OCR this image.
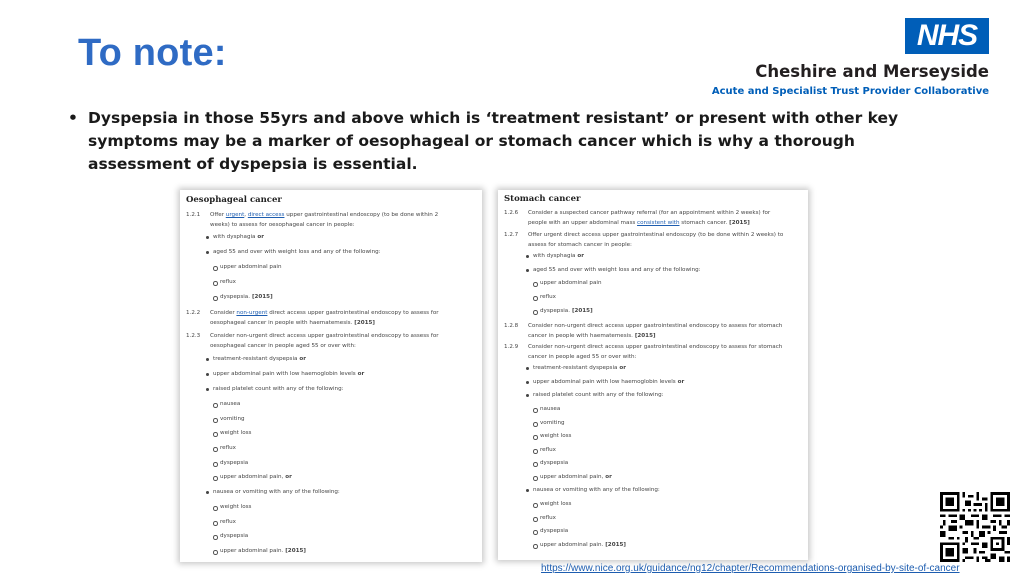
To note:	NHS
Cheshire and Merseyside
Acute and Specialist Trust Provider Collaborative
• Dyspepsia in those 55yrs and above which is ‘treatment resistant’ or present with other key symptoms may be a marker of oesophageal or stomach cancer which is why a thorough assessment of dyspepsia is essential.
Oesophageal cancer
1.2.1	Offer urgent, direct access upper gastrointestinal endoscopy (to be done within 2 weeks) to assess for oesophageal cancer in people:
with dysphagia or
aged 55 and over with weight loss and any of the following:
upper abdominal pain
reflux
dyspepsia. [2015]
1.2.2	Consider non-urgent direct access upper gastrointestinal endoscopy to assess for oesophageal cancer in people with haematemesis. [2015]
1.2.3	Consider non-urgent direct access upper gastrointestinal endoscopy to assess for oesophageal cancer in people aged 55 or over with:
treatment-resistant dyspepsia or
upper abdominal pain with low haemoglobin levels or
raised platelet count with any of the following:
nausea
vomiting
weight loss
reflux
dyspepsia
upper abdominal pain, or
nausea or vomiting with any of the following:
weight loss
reflux
dyspepsia
upper abdominal pain. [2015]
Stomach cancer
1.2.6	Consider a suspected cancer pathway referral (for an appointment within 2 weeks) for people with an upper abdominal mass consistent with stomach cancer. [2015]
1.2.7	Offer urgent direct access upper gastrointestinal endoscopy (to be done within 2 weeks) to assess for stomach cancer in people:
with dysphagia or
aged 55 and over with weight loss and any of the following:
upper abdominal pain
reflux
dyspepsia. [2015]
1.2.8	Consider non-urgent direct access upper gastrointestinal endoscopy to assess for stomach cancer in people with haematemesis. [2015]
1.2.9	Consider non-urgent direct access upper gastrointestinal endoscopy to assess for stomach cancer in people aged 55 or over with:
treatment-resistant dyspepsia or
upper abdominal pain with low haemoglobin levels or
raised platelet count with any of the following:
nausea
vomiting
weight loss
reflux
dyspepsia
upper abdominal pain, or
nausea or vomiting with any of the following:
weight loss
reflux
dyspepsia
upper abdominal pain. [2015]
https://www.nice.org.uk/guidance/ng12/chapter/Recommendations-organised-by-site-of-cancer
